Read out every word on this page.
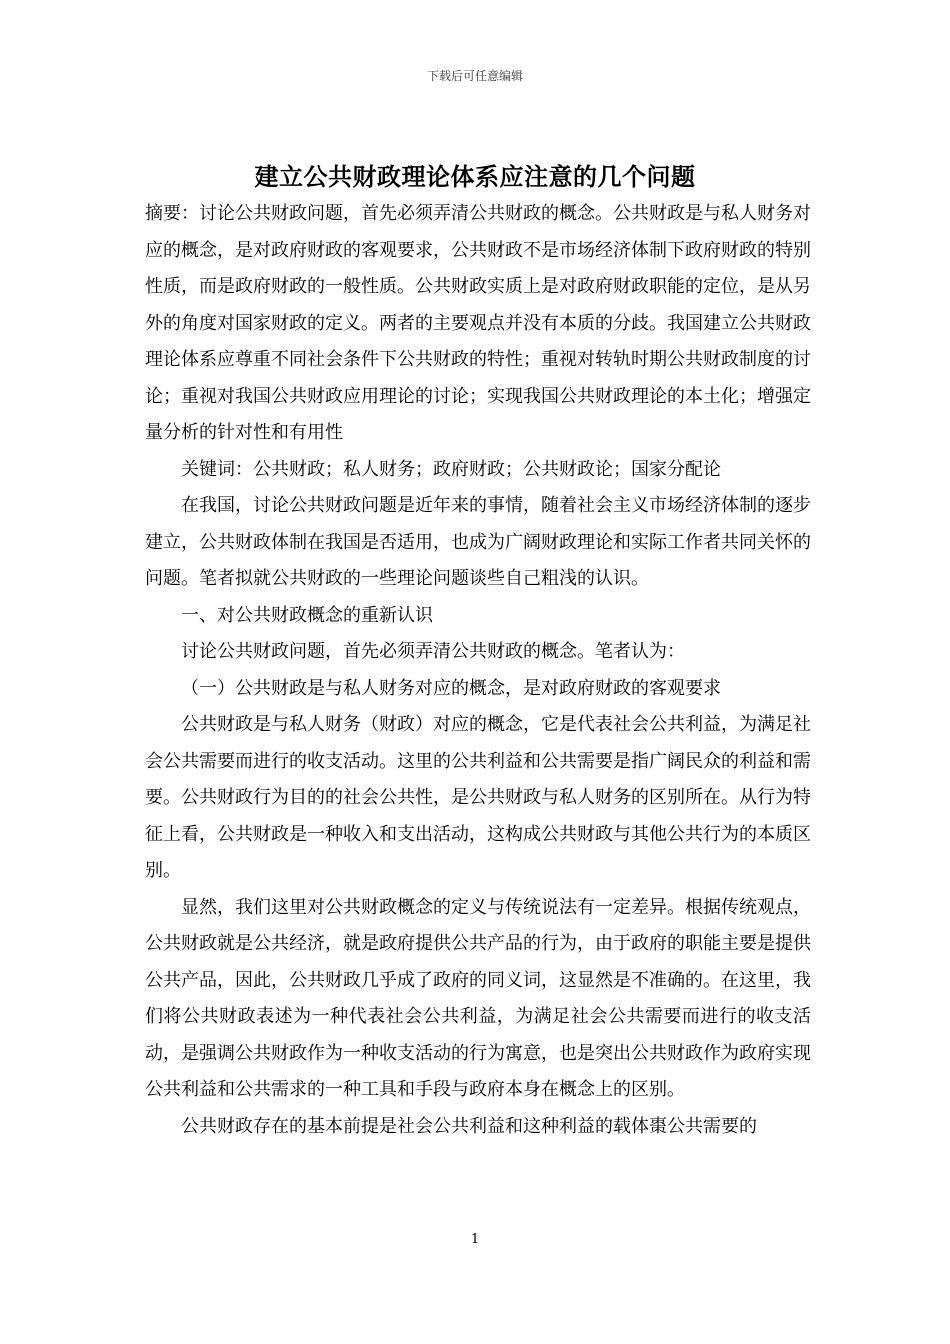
下载后可任意编辑
建立公共财政理论体系应注意的几个问题

摘要：讨论公共财政问题，首先必须弄清公共财政的概念。公共财政是与私人财务对应的概念，是对政府财政的客观要求，公共财政不是市场经济体制下政府财政的特别性质，而是政府财政的一般性质。公共财政实质上是对政府财政职能的定位，是从另外的角度对国家财政的定义。两者的主要观点并没有本质的分歧。我国建立公共财政理论体系应尊重不同社会条件下公共财政的特性；重视对转轨时期公共财政制度的讨论；重视对我国公共财政应用理论的讨论；实现我国公共财政理论的本土化；增强定量分析的针对性和有用性

关键词：公共财政；私人财务；政府财政；公共财政论；国家分配论

在我国，讨论公共财政问题是近年来的事情，随着社会主义市场经济体制的逐步建立，公共财政体制在我国是否适用，也成为广阔财政理论和实际工作者共同关怀的问题。笔者拟就公共财政的一些理论问题谈些自己粗浅的认识。

一、对公共财政概念的重新认识

讨论公共财政问题，首先必须弄清公共财政的概念。笔者认为：

（一）公共财政是与私人财务对应的概念，是对政府财政的客观要求

公共财政是与私人财务（财政）对应的概念，它是代表社会公共利益，为满足社会公共需要而进行的收支活动。这里的公共利益和公共需要是指广阔民众的利益和需要。公共财政行为目的的社会公共性，是公共财政与私人财务的区别所在。从行为特征上看，公共财政是一种收入和支出活动，这构成公共财政与其他公共行为的本质区别。

显然，我们这里对公共财政概念的定义与传统说法有一定差异。根据传统观点，公共财政就是公共经济，就是政府提供公共产品的行为，由于政府的职能主要是提供公共产品，因此，公共财政几乎成了政府的同义词，这显然是不准确的。在这里，我们将公共财政表述为一种代表社会公共利益，为满足社会公共需要而进行的收支活动，是强调公共财政作为一种收支活动的行为寓意，也是突出公共财政作为政府实现公共利益和公共需求的一种工具和手段与政府本身在概念上的区别。

公共财政存在的基本前提是社会公共利益和这种利益的载体棗公共需要的

1
